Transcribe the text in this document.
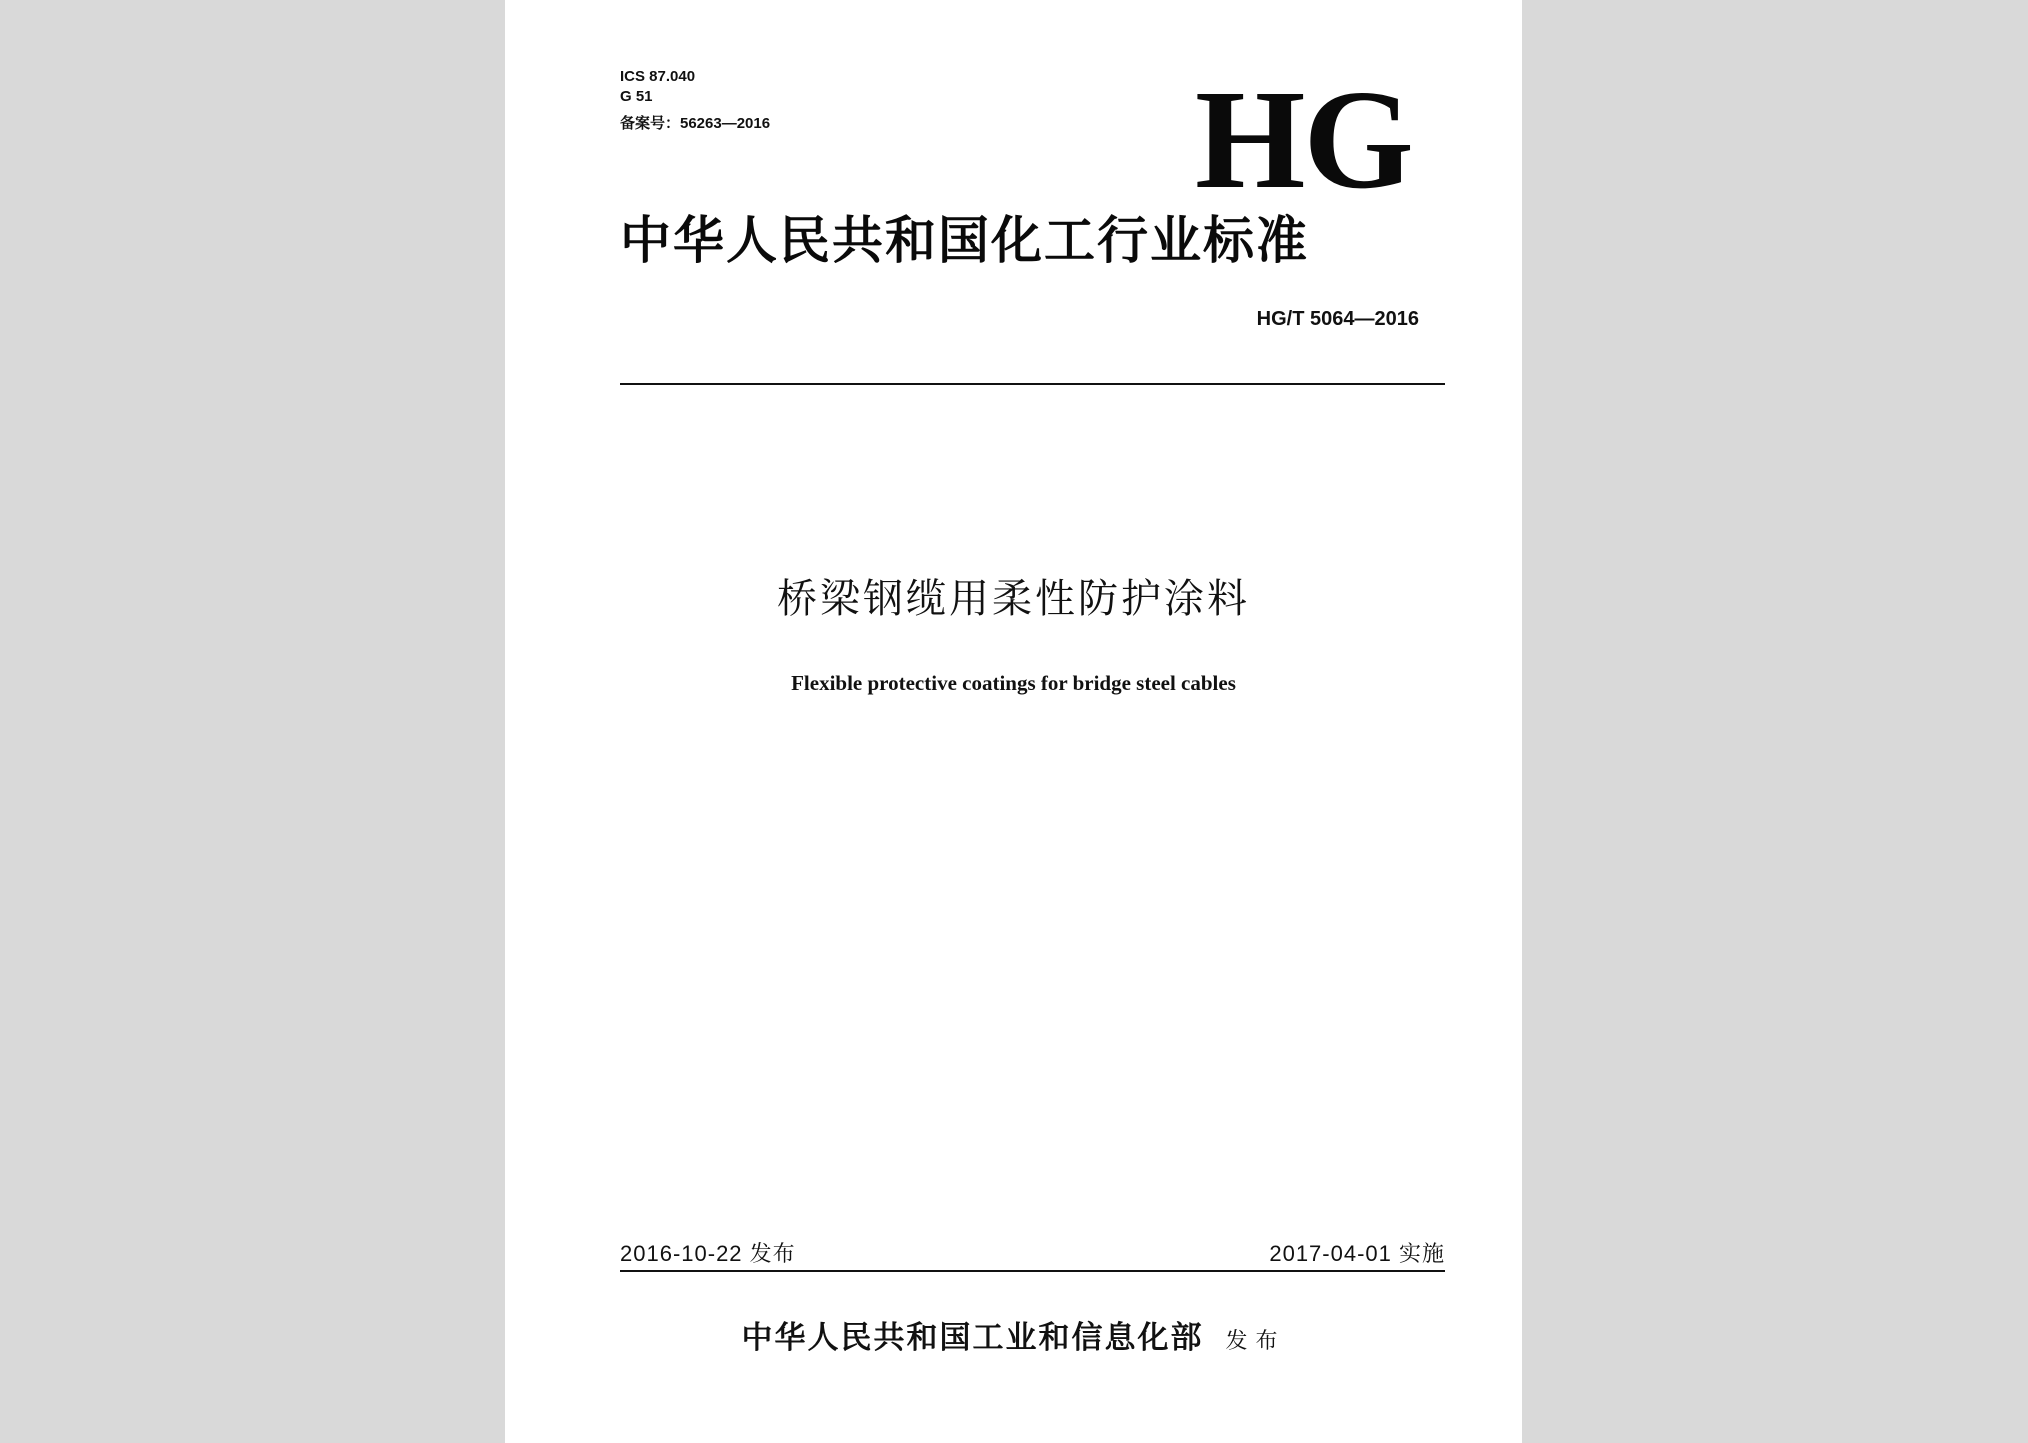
ICS 87.040
G 51
备案号：56263—2016	HG
中华人民共和国化工行业标准
HG/T 5064—2016
桥梁钢缆用柔性防护涂料
Flexible protective coatings for bridge steel cables
2016-10-22 发布	2017-04-01 实施
中华人民共和国工业和信息化部 发布
